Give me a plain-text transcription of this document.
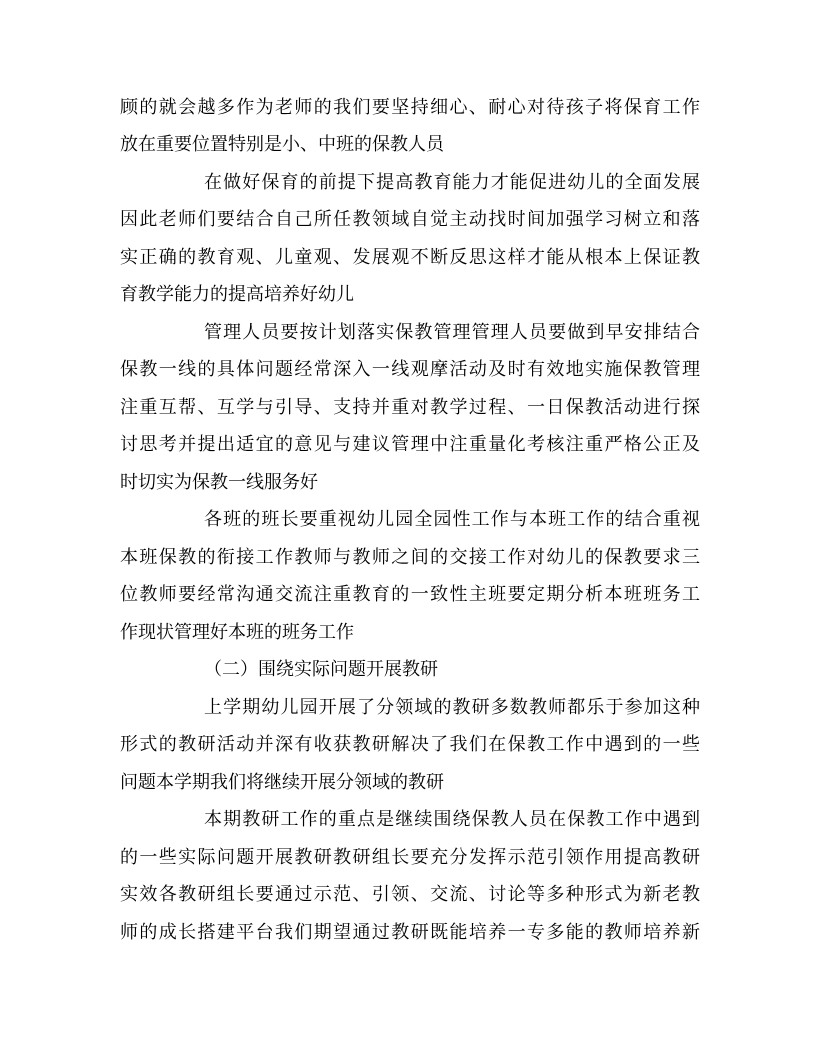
顾的就会越多作为老师的我们要坚持细心、耐心对待孩子将保育工作
放在重要位置特别是小、中班的保教人员
在做好保育的前提下提高教育能力才能促进幼儿的全面发展
因此老师们要结合自己所任教领域自觉主动找时间加强学习树立和落
实正确的教育观、儿童观、发展观不断反思这样才能从根本上保证教
育教学能力的提高培养好幼儿
管理人员要按计划落实保教管理管理人员要做到早安排结合
保教一线的具体问题经常深入一线观摩活动及时有效地实施保教管理
注重互帮、互学与引导、支持并重对教学过程、一日保教活动进行探
讨思考并提出适宜的意见与建议管理中注重量化考核注重严格公正及
时切实为保教一线服务好
各班的班长要重视幼儿园全园性工作与本班工作的结合重视
本班保教的衔接工作教师与教师之间的交接工作对幼儿的保教要求三
位教师要经常沟通交流注重教育的一致性主班要定期分析本班班务工
作现状管理好本班的班务工作
（二）围绕实际问题开展教研
上学期幼儿园开展了分领域的教研多数教师都乐于参加这种
形式的教研活动并深有收获教研解决了我们在保教工作中遇到的一些
问题本学期我们将继续开展分领域的教研
本期教研工作的重点是继续围绕保教人员在保教工作中遇到
的一些实际问题开展教研教研组长要充分发挥示范引领作用提高教研
实效各教研组长要通过示范、引领、交流、讨论等多种形式为新老教
师的成长搭建平台我们期望通过教研既能培养一专多能的教师培养新
